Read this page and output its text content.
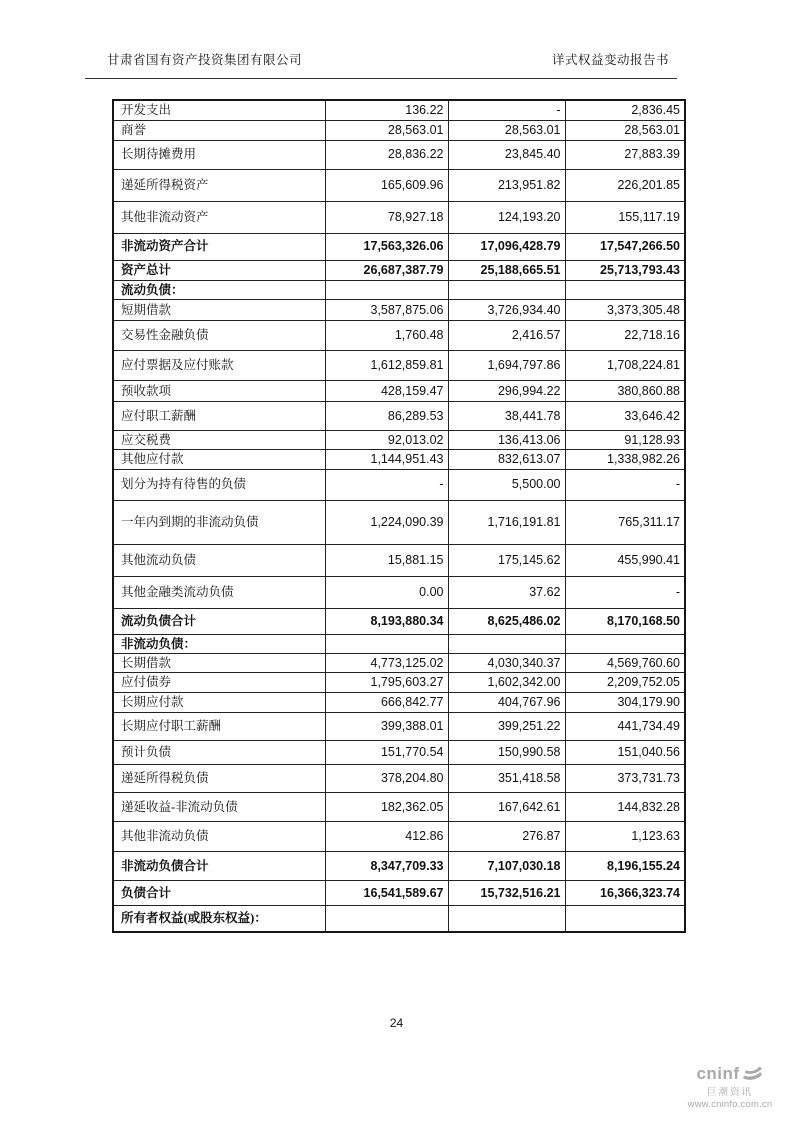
甘肃省国有资产投资集团有限公司	详式权益变动报告书
开发支出	136.22	-	2,836.45
商誉	28,563.01	28,563.01	28,563.01
长期待摊费用	28,836.22	23,845.40	27,883.39
递延所得税资产	165,609.96	213,951.82	226,201.85
其他非流动资产	78,927.18	124,193.20	155,117.19
非流动资产合计	17,563,326.06	17,096,428.79	17,547,266.50
资产总计	26,687,387.79	25,188,665.51	25,713,793.43
流动负债：			
短期借款	3,587,875.06	3,726,934.40	3,373,305.48
交易性金融负债	1,760.48	2,416.57	22,718.16
应付票据及应付账款	1,612,859.81	1,694,797.86	1,708,224.81
预收款项	428,159.47	296,994.22	380,860.88
应付职工薪酬	86,289.53	38,441.78	33,646.42
应交税费	92,013.02	136,413.06	91,128.93
其他应付款	1,144,951.43	832,613.07	1,338,982.26
划分为持有待售的负债	-	5,500.00	-
一年内到期的非流动负债	1,224,090.39	1,716,191.81	765,311.17
其他流动负债	15,881.15	175,145.62	455,990.41
其他金融类流动负债	0.00	37.62	-
流动负债合计	8,193,880.34	8,625,486.02	8,170,168.50
非流动负债：			
长期借款	4,773,125.02	4,030,340.37	4,569,760.60
应付债券	1,795,603.27	1,602,342.00	2,209,752.05
长期应付款	666,842.77	404,767.96	304,179.90
长期应付职工薪酬	399,388.01	399,251.22	441,734.49
预计负债	151,770.54	150,990.58	151,040.56
递延所得税负债	378,204.80	351,418.58	373,731.73
递延收益-非流动负债	182,362.05	167,642.61	144,832.28
其他非流动负债	412.86	276.87	1,123.63
非流动负债合计	8,347,709.33	7,107,030.18	8,196,155.24
负债合计	16,541,589.67	15,732,516.21	16,366,323.74
所有者权益(或股东权益)：			
24
cninf
巨潮资讯
www.cninfo.com.cn
